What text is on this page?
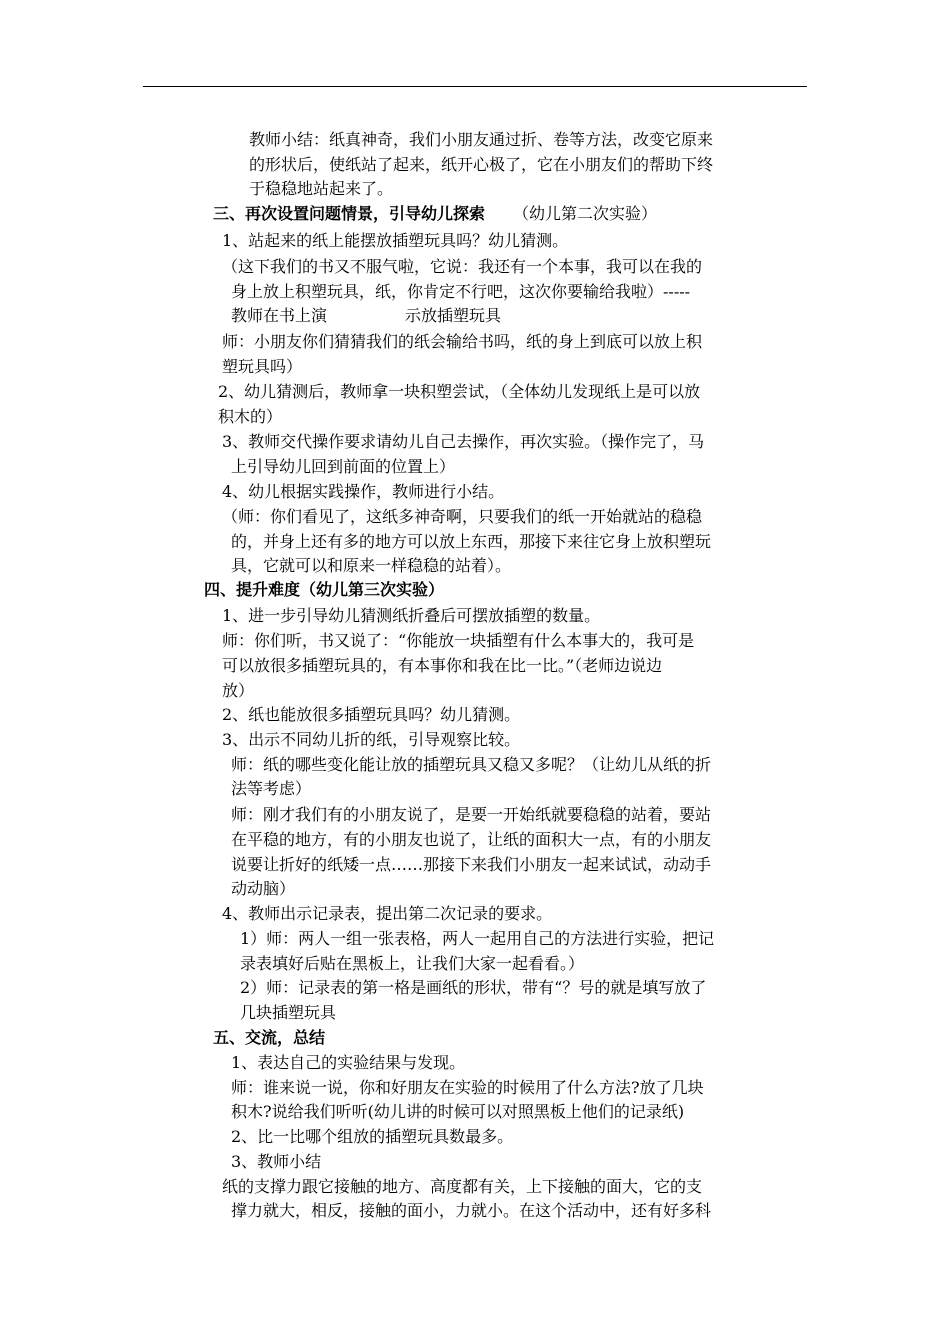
教师小结：纸真神奇，我们小朋友通过折、卷等方法，改变它原来
的形状后，使纸站了起来，纸开心极了，它在小朋友们的帮助下终
于稳稳地站起来了。
三、再次设置问题情景，引导幼儿探索 （幼儿第二次实验）
1、站起来的纸上能摆放插塑玩具吗？幼儿猜测。
（这下我们的书又不服气啦，它说：我还有一个本事，我可以在我的
身上放上积塑玩具，纸，你肯定不行吧，这次你要输给我啦）-----
教师在书上演	示放插塑玩具
师：小朋友你们猜猜我们的纸会输给书吗，纸的身上到底可以放上积
塑玩具吗）
2、幼儿猜测后，教师拿一块积塑尝试，（全体幼儿发现纸上是可以放
积木的）
3、教师交代操作要求请幼儿自己去操作，再次实验。（操作完了，马
上引导幼儿回到前面的位置上）
4、幼儿根据实践操作，教师进行小结。
（师：你们看见了，这纸多神奇啊，只要我们的纸一开始就站的稳稳
的，并身上还有多的地方可以放上东西，那接下来往它身上放积塑玩
具，它就可以和原来一样稳稳的站着）。
四、提升难度（幼儿第三次实验）
1、进一步引导幼儿猜测纸折叠后可摆放插塑的数量。
师：你们听，书又说了：“你能放一块插塑有什么本事大的，我可是
可以放很多插塑玩具的，有本事你和我在比一比。”（老师边说边
放）
2、纸也能放很多插塑玩具吗？幼儿猜测。
3、出示不同幼儿折的纸，引导观察比较。
师：纸的哪些变化能让放的插塑玩具又稳又多呢？（让幼儿从纸的折
法等考虑）
师：刚才我们有的小朋友说了，是要一开始纸就要稳稳的站着，要站
在平稳的地方，有的小朋友也说了，让纸的面积大一点，有的小朋友
说要让折好的纸矮一点……那接下来我们小朋友一起来试试，动动手
动动脑）
4、教师出示记录表，提出第二次记录的要求。
1）师：两人一组一张表格，两人一起用自己的方法进行实验，把记
录表填好后贴在黑板上，让我们大家一起看看。）
2）师：记录表的第一格是画纸的形状，带有“？号的就是填写放了
几块插塑玩具
五、交流，总结
1、表达自己的实验结果与发现。
师：谁来说一说，你和好朋友在实验的时候用了什么方法?放了几块
积木?说给我们听听(幼儿讲的时候可以对照黑板上他们的记录纸)
2、比一比哪个组放的插塑玩具数最多。
3、教师小结
纸的支撑力跟它接触的地方、高度都有关，上下接触的面大，它的支
撑力就大，相反，接触的面小，力就小。在这个活动中，还有好多科
